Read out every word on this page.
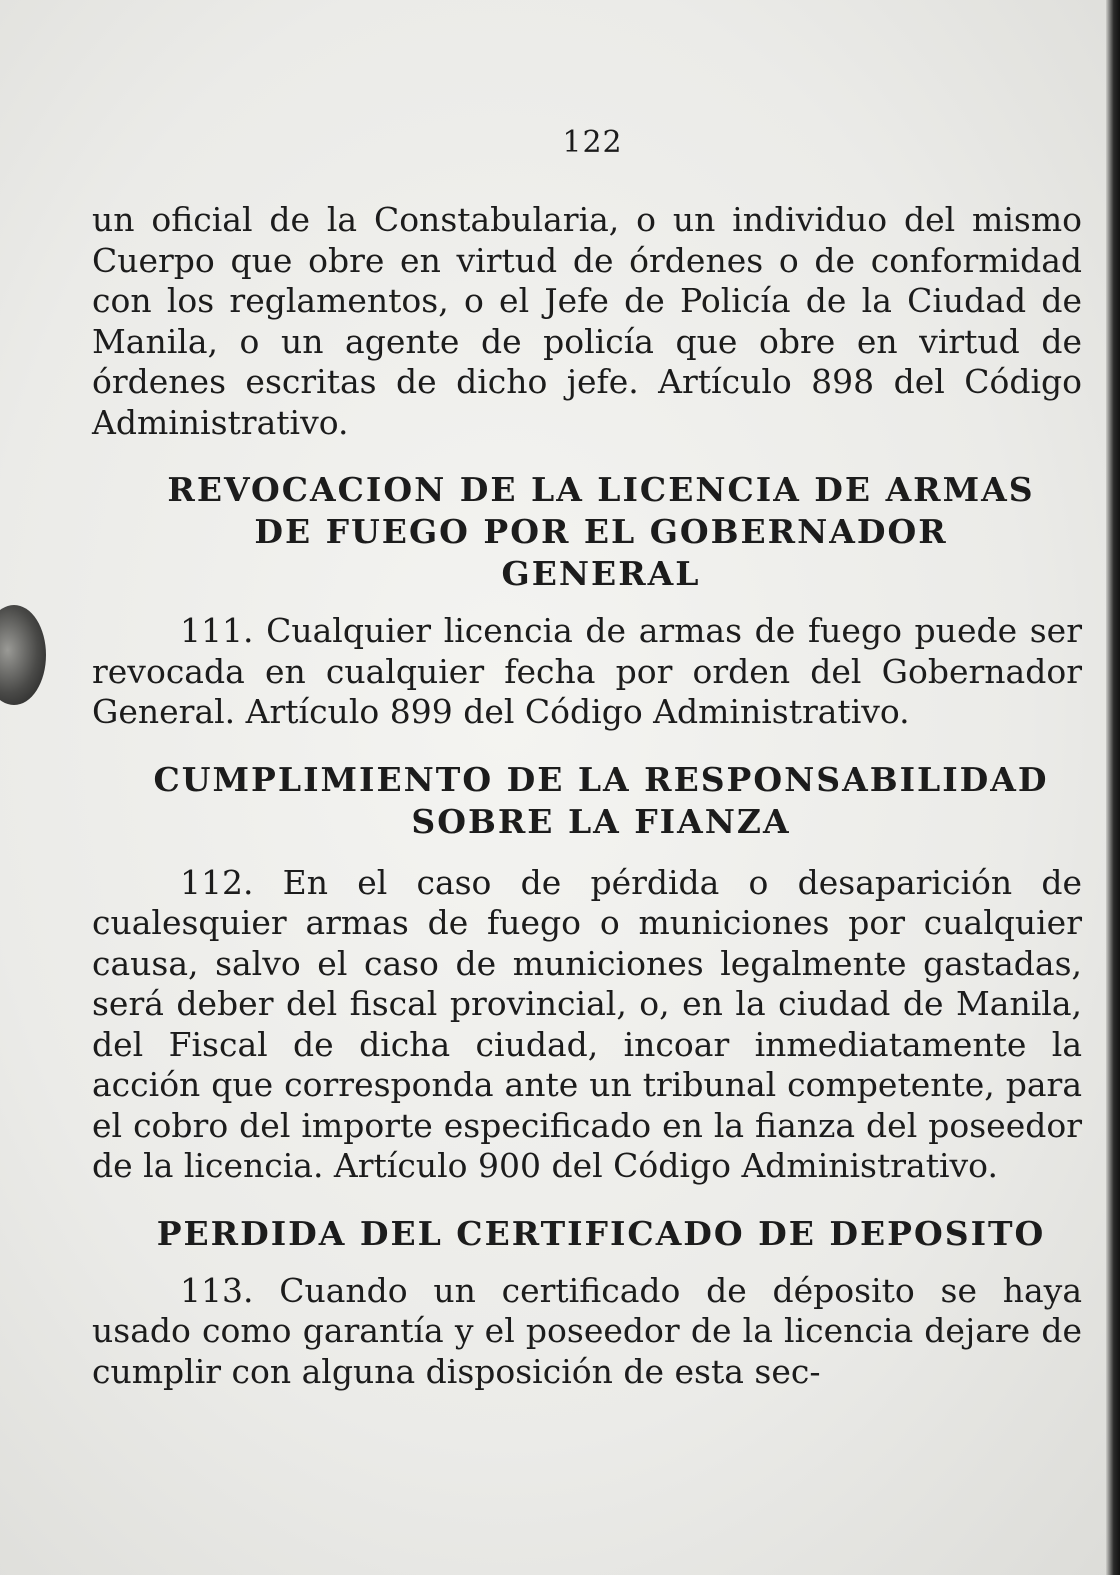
122

un oficial de la Constabularia, o un individuo del mismo Cuerpo que obre en virtud de órdenes o de conformidad con los reglamentos, o el Jefe de Policía de la Ciudad de Manila, o un agente de policía que obre en virtud de órdenes escritas de dicho jefe. Artículo 898 del Código Administrativo.

REVOCACION DE LA LICENCIA DE ARMAS
DE FUEGO POR EL GOBERNADOR
GENERAL

111. Cualquier licencia de armas de fuego puede ser revocada en cualquier fecha por orden del Gobernador General. Artículo 899 del Código Administrativo.

CUMPLIMIENTO DE LA RESPONSABILIDAD
SOBRE LA FIANZA

112. En el caso de pérdida o desaparición de cualesquier armas de fuego o municiones por cualquier causa, salvo el caso de municiones legalmente gastadas, será deber del fiscal provincial, o, en la ciudad de Manila, del Fiscal de dicha ciudad, incoar inmediatamente la acción que corresponda ante un tribunal competente, para el cobro del importe especificado en la fianza del poseedor de la licencia. Artículo 900 del Código Administrativo.

PERDIDA DEL CERTIFICADO DE DEPOSITO

113. Cuando un certificado de déposito se haya usado como garantía y el poseedor de la licencia dejare de cumplir con alguna disposición de esta sec-
